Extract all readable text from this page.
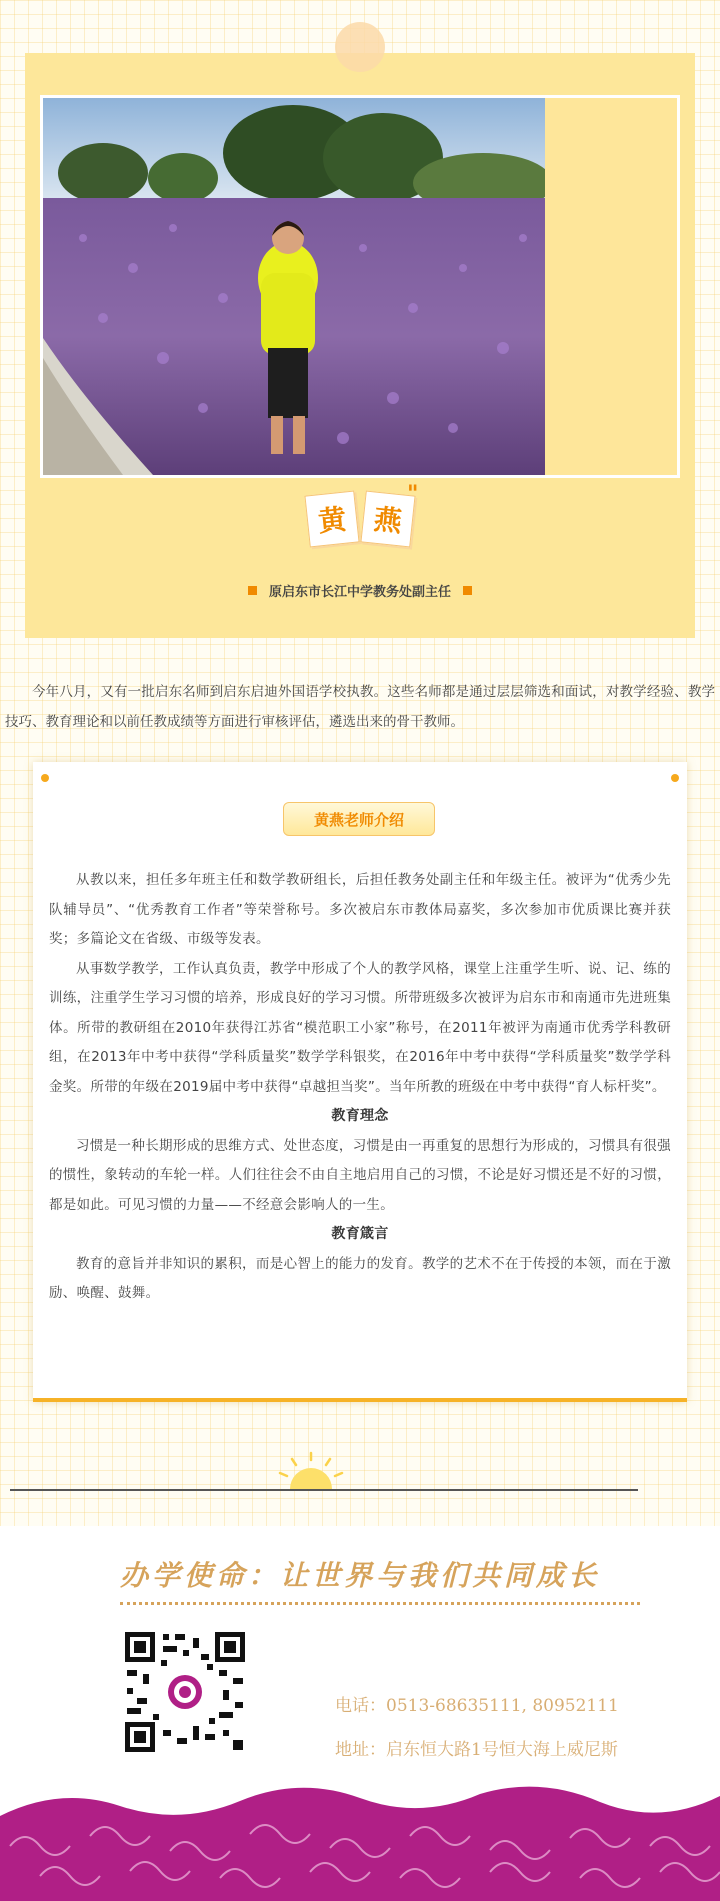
黄 燕
"
原启东市长江中学教务处副主任

今年八月，又有一批启东名师到启东启迪外国语学校执教。这些名师都是通过层层筛选和面试，对教学经验、教学技巧、教育理论和以前任教成绩等方面进行审核评估，遴选出来的骨干教师。

黄燕老师介绍

从教以来，担任多年班主任和数学教研组长，后担任教务处副主任和年级主任。被评为“优秀少先队辅导员”、“优秀教育工作者”等荣誉称号。多次被启东市教体局嘉奖，多次参加市优质课比赛并获奖；多篇论文在省级、市级等发表。

从事数学教学，工作认真负责，教学中形成了个人的教学风格，课堂上注重学生听、说、记、练的训练，注重学生学习习惯的培养，形成良好的学习习惯。所带班级多次被评为启东市和南通市先进班集体。所带的教研组在2010年获得江苏省“模范职工小家”称号，在2011年被评为南通市优秀学科教研组，在2013年中考中获得“学科质量奖”数学学科银奖，在2016年中考中获得“学科质量奖”数学学科金奖。所带的年级在2019届中考中获得“卓越担当奖”。当年所教的班级在中考中获得“育人标杆奖”。

教育理念

习惯是一种长期形成的思维方式、处世态度，习惯是由一再重复的思想行为形成的，习惯具有很强的惯性，象转动的车轮一样。人们往往会不由自主地启用自己的习惯，不论是好习惯还是不好的习惯，都是如此。可见习惯的力量——不经意会影响人的一生。

教育箴言

教育的意旨并非知识的累积，而是心智上的能力的发育。教学的艺术不在于传授的本领，而在于激励、唤醒、鼓舞。

办学使命：让世界与我们共同成长
电话：0513-68635111, 80952111
地址：启东恒大路1号恒大海上威尼斯
